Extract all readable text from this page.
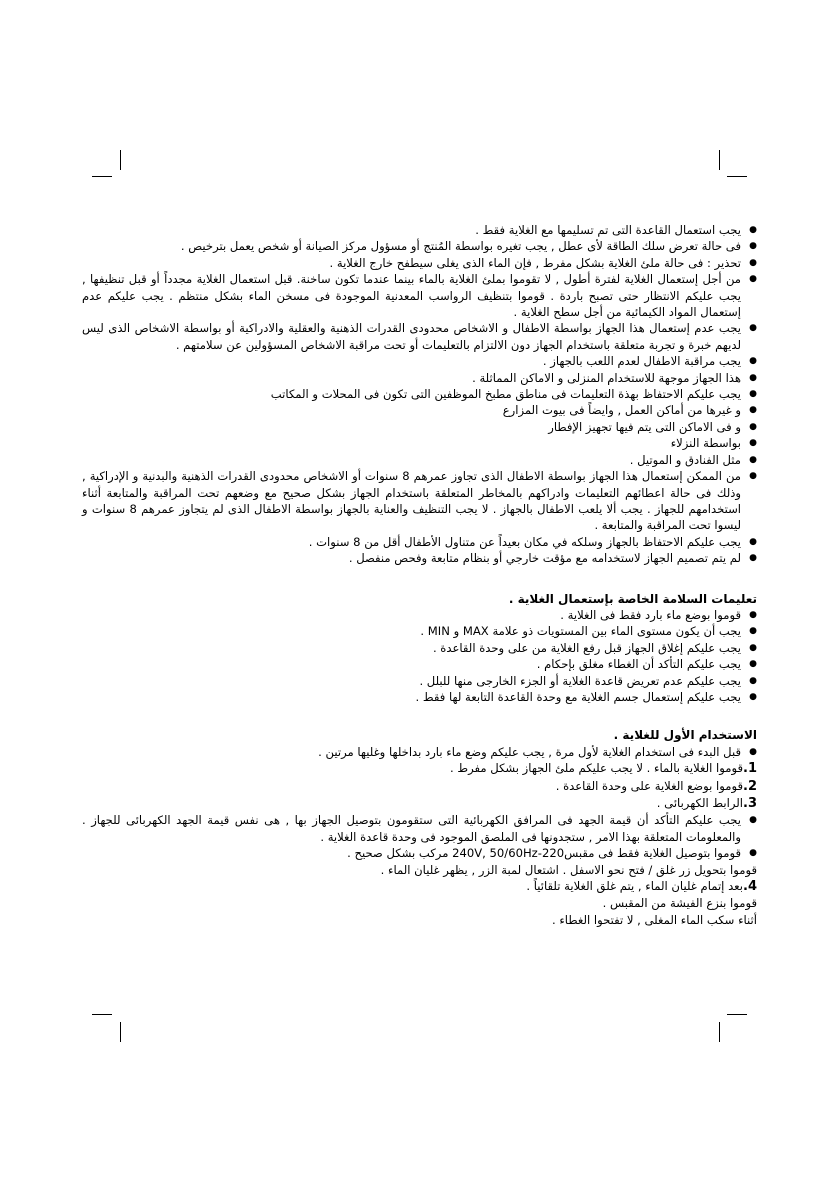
● يجب استعمال القاعدة التى تم تسليمها مع الغلاية فقط .
● فى حالة تعرض سلك الطاقة لأى عطل , يجب تغيره بواسطة المُنتج أو مسؤول مركز الصيانة أو شخص يعمل بترخيص .
● تحذير : فى حالة ملئ الغلاية بشكل مفرط , فإن الماء الذى يغلى سيطفح خارج الغلاية .
● من أجل إستعمال الغلاية لفترة أطول , لا تقوموا بملئ الغلاية بالماء بينما عندما تكون ساخنة. قبل استعمال الغلاية مجدداً أو قبل تنظيفها , يجب عليكم الانتظار حتى تصبح باردة . قوموا بتنظيف الرواسب المعدنية الموجودة فى مسخن الماء بشكل منتظم . يجب عليكم عدم إستعمال المواد الكيمائية من أجل سطح الغلاية .
● يجب عدم إستعمال هذا الجهاز بواسطة الاطفال و الاشخاص محدودى القدرات الذهنية والعقلية والادراكية أو بواسطة الاشخاص الذى ليس لديهم خبرة و تجربة متعلقة باستخدام الجهاز دون الالتزام بالتعليمات أو تحت مراقبة الاشخاص المسؤولين عن سلامتهم .
● يجب مراقبة الاطفال لعدم اللعب بالجهاز .
● هذا الجهاز موجهة للاستخدام المنزلى و الاماكن المماثلة .
● يجب عليكم الاحتفاظ بهذة التعليمات فى مناطق مطبخ الموظفين التى تكون فى المحلات و المكاتب
● و غيرها من أماكن العمل , وايضاً فى بيوت المزارع
● و فى الاماكن التى يتم فيها تجهيز الإفطار
● بواسطة النزلاء
● مثل الفنادق و الموتيل .
● من الممكن إستعمال هذا الجهاز بواسطة الاطفال الذى تجاوز عمرهم 8 سنوات أو الاشخاص محدودى القدرات الذهنية والبدنية و الإدراكية , وذلك فى حالة اعطائهم التعليمات وادراكهم بالمخاطر المتعلقة باستخدام الجهاز بشكل صحيح مع وضعهم تحت المراقبة والمتابعة أثناء استخدامهم للجهاز . يجب ألا يلعب الاطفال بالجهاز . لا يجب التنظيف والعناية بالجهاز بواسطة الاطفال الذى لم يتجاوز عمرهم 8 سنوات و ليسوا تحت المراقبة والمتابعة .
● يجب عليكم الاحتفاظ بالجهاز وسلكه في مكان بعيداً عن متناول الأطفال أقل من 8 سنوات .
● لم يتم تصميم الجهاز لاستخدامه مع مؤقت خارجي أو بنظام متابعة وفحص منفصل .
تعليمات السلامة الخاصة بإستعمال الغلاية .
● قوموا بوضع ماء بارد فقط فى الغلاية .
● يجب أن يكون مستوى الماء بين المستويات ذو علامة MAX و MIN .
● يجب عليكم إغلاق الجهاز قبل رفع الغلاية من على وحدة القاعدة .
● يجب عليكم التأكد أن الغطاء مغلق بإحكام .
● يجب عليكم عدم تعريض قاعدة الغلاية أو الجزء الخارجى منها للبلل .
● يجب عليكم إستعمال جسم الغلاية مع وحدة القاعدة التابعة لها فقط .
الاستخدام الأول للغلاية .
● قبل البدء فى استخدام الغلاية لأول مرة , يجب عليكم وضع ماء بارد بداخلها وغليها مرتين .
1.قوموا الغلاية بالماء . لا يجب عليكم ملئ الجهاز بشكل مفرط .
2.قوموا بوضع الغلاية على وحدة القاعدة .
3.الرابط الكهربائى .
● يجب عليكم التأكد أن قيمة الجهد فى المرافق الكهربائية التى ستقومون بتوصيل الجهاز بها , هى نفس قيمة الجهد الكهربائى للجهاز . والمعلومات المتعلقة بهذا الامر , ستجدونها فى الملصق الموجود فى وحدة قاعدة الغلاية .
● قوموا بتوصيل الغلاية فقط فى مقبس220-240V, 50/60Hz مركب بشكل صحيح .
قوموا بتحويل زر غلق / فتح نحو الاسفل . اشتعال لمبة الزر , يظهر غليان الماء .
4.بعد إتمام غليان الماء , يتم غلق الغلاية تلقائياً .
قوموا بنزع الفيشة من المقبس .
أثناء سكب الماء المغلى , لا تفتحوا الغطاء .
